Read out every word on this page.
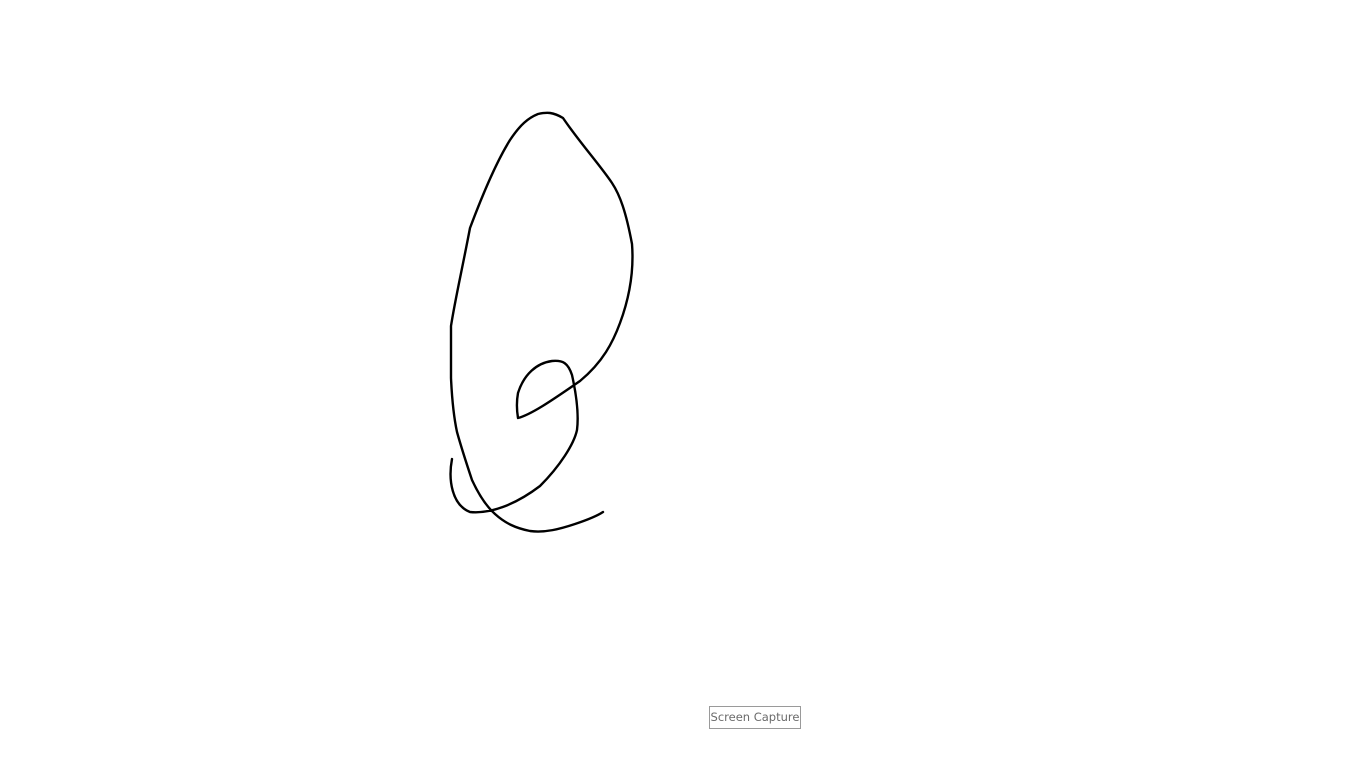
Screen Capture
